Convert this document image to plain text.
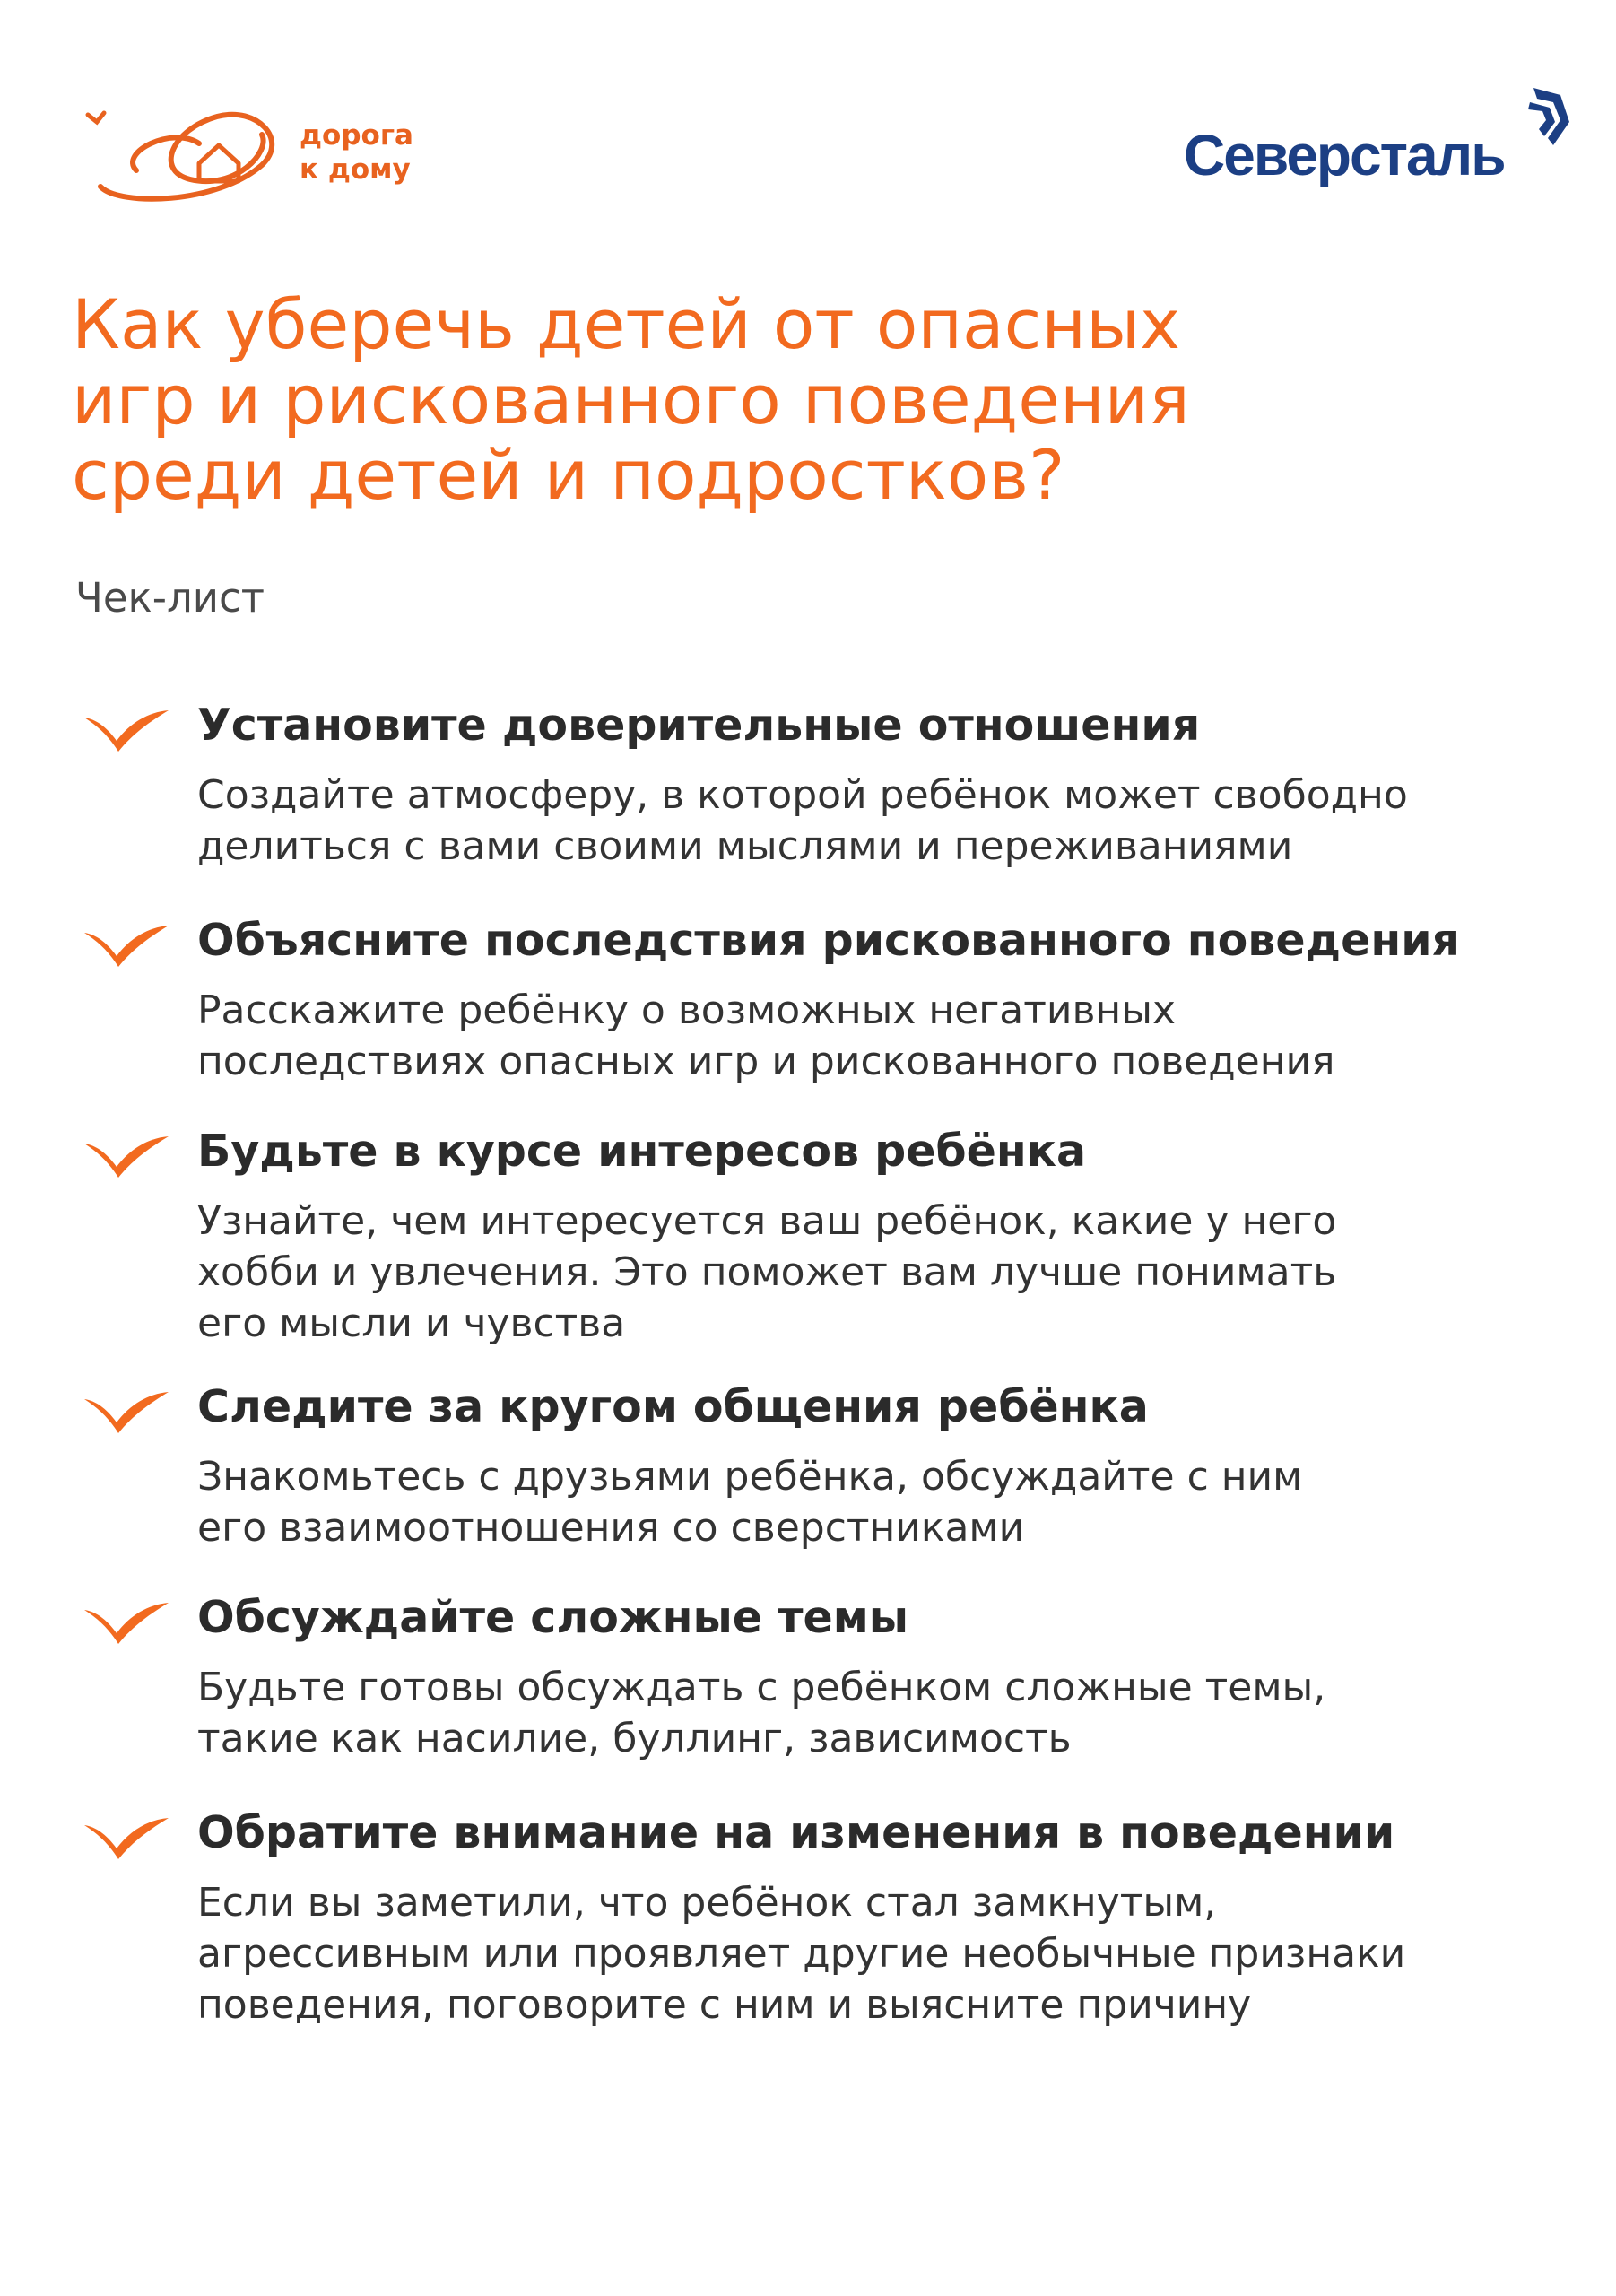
дорога
к дому	Северсталь
Как уберечь детей от опасных
игр и рискованного поведения
среди детей и подростков?
Чек-лист
Установите доверительные отношения
Создайте атмосферу, в которой ребёнок может свободно
делиться с вами своими мыслями и переживаниями
Объясните последствия рискованного поведения
Расскажите ребёнку о возможных негативных
последствиях опасных игр и рискованного поведения
Будьте в курсе интересов ребёнка
Узнайте, чем интересуется ваш ребёнок, какие у него
хобби и увлечения. Это поможет вам лучше понимать
его мысли и чувства
Следите за кругом общения ребёнка
Знакомьтесь с друзьями ребёнка, обсуждайте с ним
его взаимоотношения со сверстниками
Обсуждайте сложные темы
Будьте готовы обсуждать с ребёнком сложные темы,
такие как насилие, буллинг, зависимость
Обратите внимание на изменения в поведении
Если вы заметили, что ребёнок стал замкнутым,
агрессивным или проявляет другие необычные признаки
поведения, поговорите с ним и выясните причину
